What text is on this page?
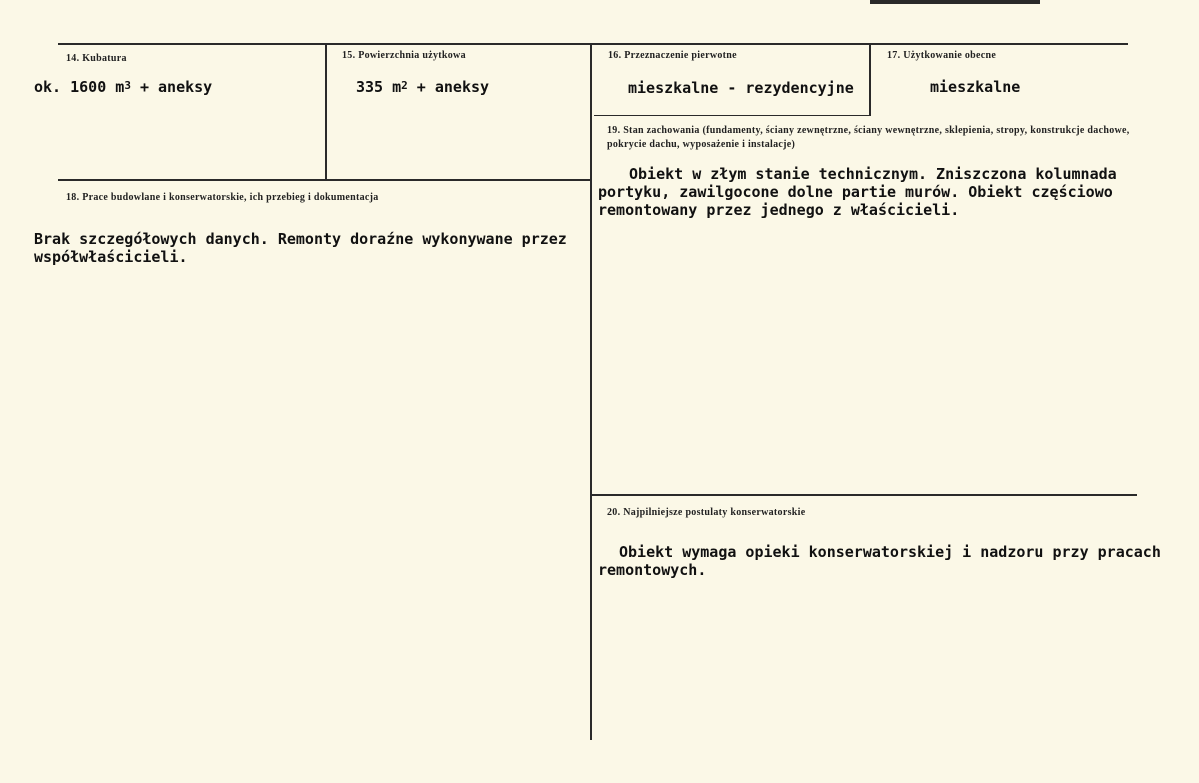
14. Kubatura
ok. 1600 $m^3$ + aneksy
15. Powierzchnia użytkowa
335 $m^2$ + aneksy
16. Przeznaczenie pierwotne
mieszkalne - rezydencyjne
17. Użytkowanie obecne
mieszkalne
18. Prace budowlane i konserwatorskie, ich przebieg i dokumentacja
Brak szczegółowych danych. Remonty doraźne wykonywane przez współwłaścicieli.
19. Stan zachowania (fundamenty, ściany zewnętrzne, ściany wewnętrzne, sklepienia, stropy, konstrukcje dachowe, pokrycie dachu, wyposażenie i instalacje)
Obiekt w złym stanie technicznym. Zniszczona kolumnada portyku, zawilgocone dolne partie murów. Obiekt częściowo remontowany przez jednego z właścicieli.
20. Najpilniejsze postulaty konserwatorskie
Obiekt wymaga opieki konserwatorskiej i nadzoru przy pracach remontowych.
